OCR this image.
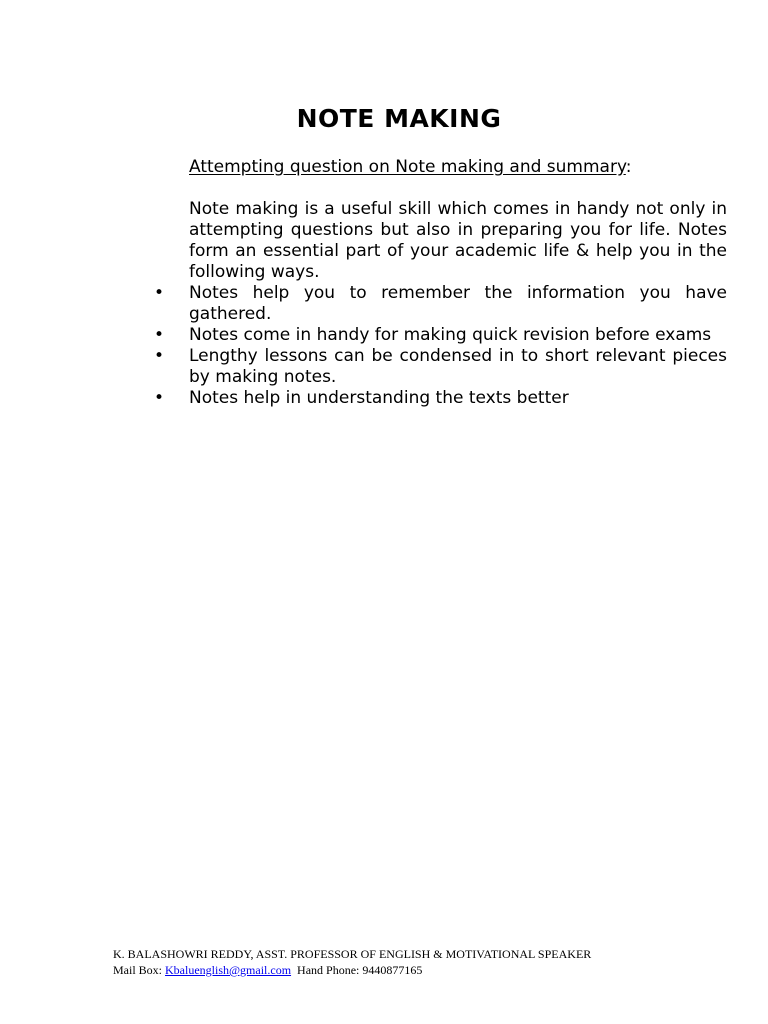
NOTE MAKING

Attempting question on Note making and summary:

Note making is a useful skill which comes in handy not only in attempting questions but also in preparing you for life. Notes form an essential part of your academic life & help you in the following ways.

• Notes help you to remember the information you have gathered.
• Notes come in handy for making quick revision before exams
• Lengthy lessons can be condensed in to short relevant pieces by making notes.
• Notes help in understanding the texts better
K. BALASHOWRI REDDY, ASST. PROFESSOR OF ENGLISH & MOTIVATIONAL SPEAKER
Mail Box: Kbaluenglish@gmail.com  Hand Phone: 9440877165
